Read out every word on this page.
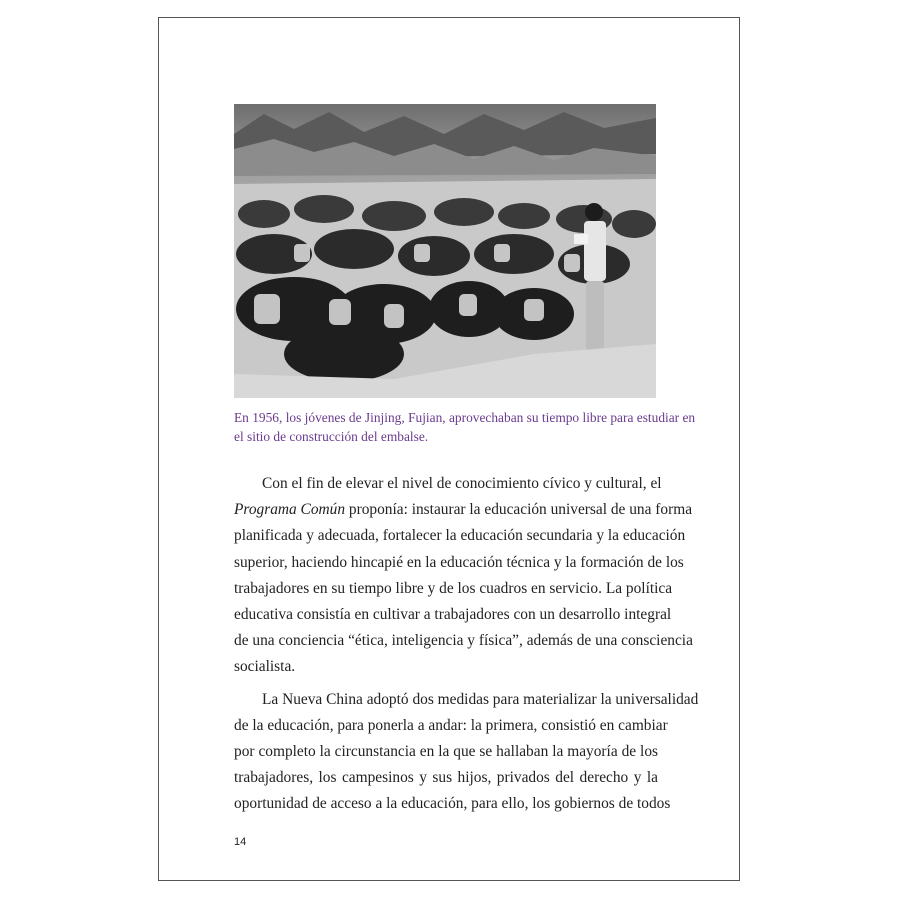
En 1956, los jóvenes de Jinjing, Fujian, aprovechaban su tiempo libre para estudiar en
el sitio de construcción del embalse.
Con el fin de elevar el nivel de conocimiento cívico y cultural, el
Programa Común proponía: instaurar la educación universal de una forma
planificada y adecuada, fortalecer la educación secundaria y la educación
superior, haciendo hincapié en la educación técnica y la formación de los
trabajadores en su tiempo libre y de los cuadros en servicio. La política
educativa consistía en cultivar a trabajadores con un desarrollo integral
de una conciencia “ética, inteligencia y física”, además de una consciencia
socialista.
La Nueva China adoptó dos medidas para materializar la universalidad
de la educación, para ponerla a andar: la primera, consistió en cambiar
por completo la circunstancia en la que se hallaban la mayoría de los
trabajadores, los campesinos y sus hijos, privados del derecho y la
oportunidad de acceso a la educación, para ello, los gobiernos de todos
14
